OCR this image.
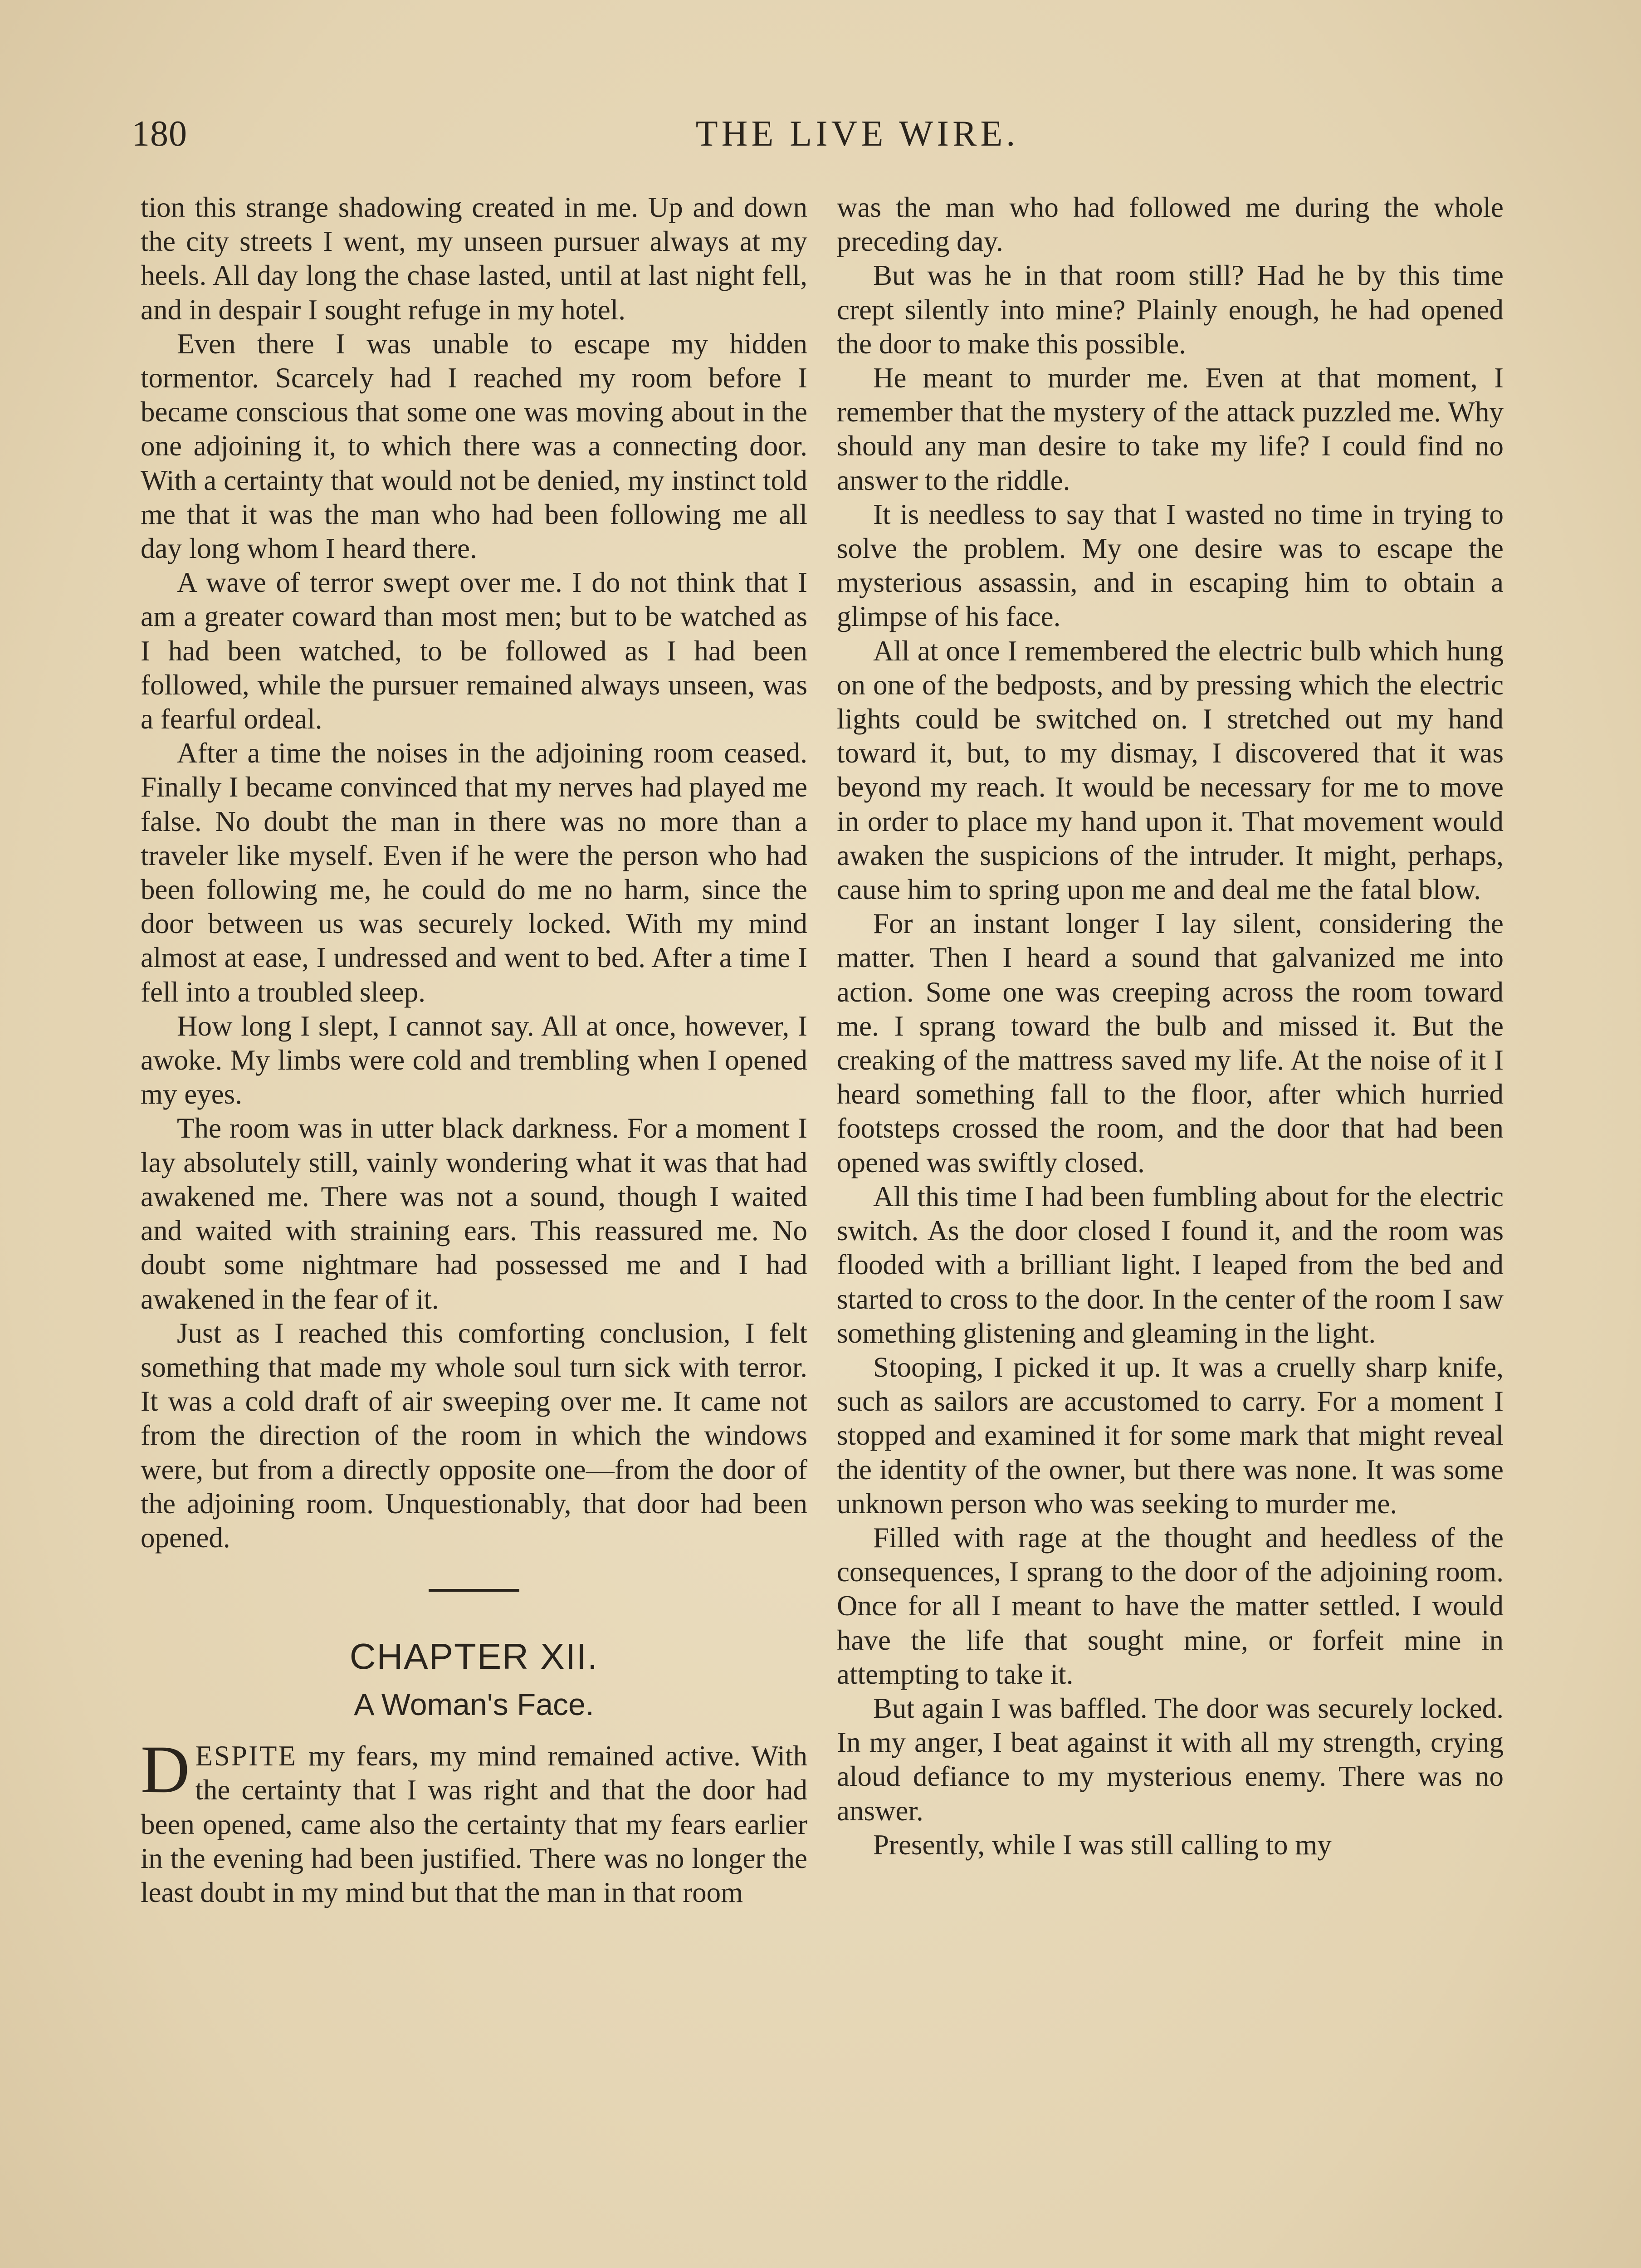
180	THE LIVE WIRE.

tion this strange shadowing created in me. Up and down the city streets I went, my unseen pursuer always at my heels. All day long the chase lasted, until at last night fell, and in despair I sought refuge in my hotel.

Even there I was unable to escape my hidden tormentor. Scarcely had I reached my room before I became conscious that some one was moving about in the one adjoining it, to which there was a connecting door. With a certainty that would not be denied, my instinct told me that it was the man who had been following me all day long whom I heard there.

A wave of terror swept over me. I do not think that I am a greater coward than most men; but to be watched as I had been watched, to be followed as I had been followed, while the pursuer remained always unseen, was a fearful ordeal.

After a time the noises in the adjoining room ceased. Finally I became convinced that my nerves had played me false. No doubt the man in there was no more than a traveler like myself. Even if he were the person who had been following me, he could do me no harm, since the door between us was securely locked. With my mind almost at ease, I undressed and went to bed. After a time I fell into a troubled sleep.

How long I slept, I cannot say. All at once, however, I awoke. My limbs were cold and trembling when I opened my eyes.

The room was in utter black darkness. For a moment I lay absolutely still, vainly wondering what it was that had awakened me. There was not a sound, though I waited and waited with straining ears. This reassured me. No doubt some nightmare had possessed me and I had awakened in the fear of it.

Just as I reached this comforting conclusion, I felt something that made my whole soul turn sick with terror. It was a cold draft of air sweeping over me. It came not from the direction of the room in which the windows were, but from a directly opposite one—from the door of the adjoining room. Unquestionably, that door had been opened.

CHAPTER XII.
A Woman's Face.

DESPITE my fears, my mind remained active. With the certainty that I was right and that the door had been opened, came also the certainty that my fears earlier in the evening had been justified. There was no longer the least doubt in my mind but that the man in that room

was the man who had followed me during the whole preceding day.

But was he in that room still? Had he by this time crept silently into mine? Plainly enough, he had opened the door to make this possible.

He meant to murder me. Even at that moment, I remember that the mystery of the attack puzzled me. Why should any man desire to take my life? I could find no answer to the riddle.

It is needless to say that I wasted no time in trying to solve the problem. My one desire was to escape the mysterious assassin, and in escaping him to obtain a glimpse of his face.

All at once I remembered the electric bulb which hung on one of the bedposts, and by pressing which the electric lights could be switched on. I stretched out my hand toward it, but, to my dismay, I discovered that it was beyond my reach. It would be necessary for me to move in order to place my hand upon it. That movement would awaken the suspicions of the intruder. It might, perhaps, cause him to spring upon me and deal me the fatal blow.

For an instant longer I lay silent, considering the matter. Then I heard a sound that galvanized me into action. Some one was creeping across the room toward me. I sprang toward the bulb and missed it. But the creaking of the mattress saved my life. At the noise of it I heard something fall to the floor, after which hurried footsteps crossed the room, and the door that had been opened was swiftly closed.

All this time I had been fumbling about for the electric switch. As the door closed I found it, and the room was flooded with a brilliant light. I leaped from the bed and started to cross to the door. In the center of the room I saw something glistening and gleaming in the light.

Stooping, I picked it up. It was a cruelly sharp knife, such as sailors are accustomed to carry. For a moment I stopped and examined it for some mark that might reveal the identity of the owner, but there was none. It was some unknown person who was seeking to murder me.

Filled with rage at the thought and heedless of the consequences, I sprang to the door of the adjoining room. Once for all I meant to have the matter settled. I would have the life that sought mine, or forfeit mine in attempting to take it.

But again I was baffled. The door was securely locked. In my anger, I beat against it with all my strength, crying aloud defiance to my mysterious enemy. There was no answer.

Presently, while I was still calling to my
